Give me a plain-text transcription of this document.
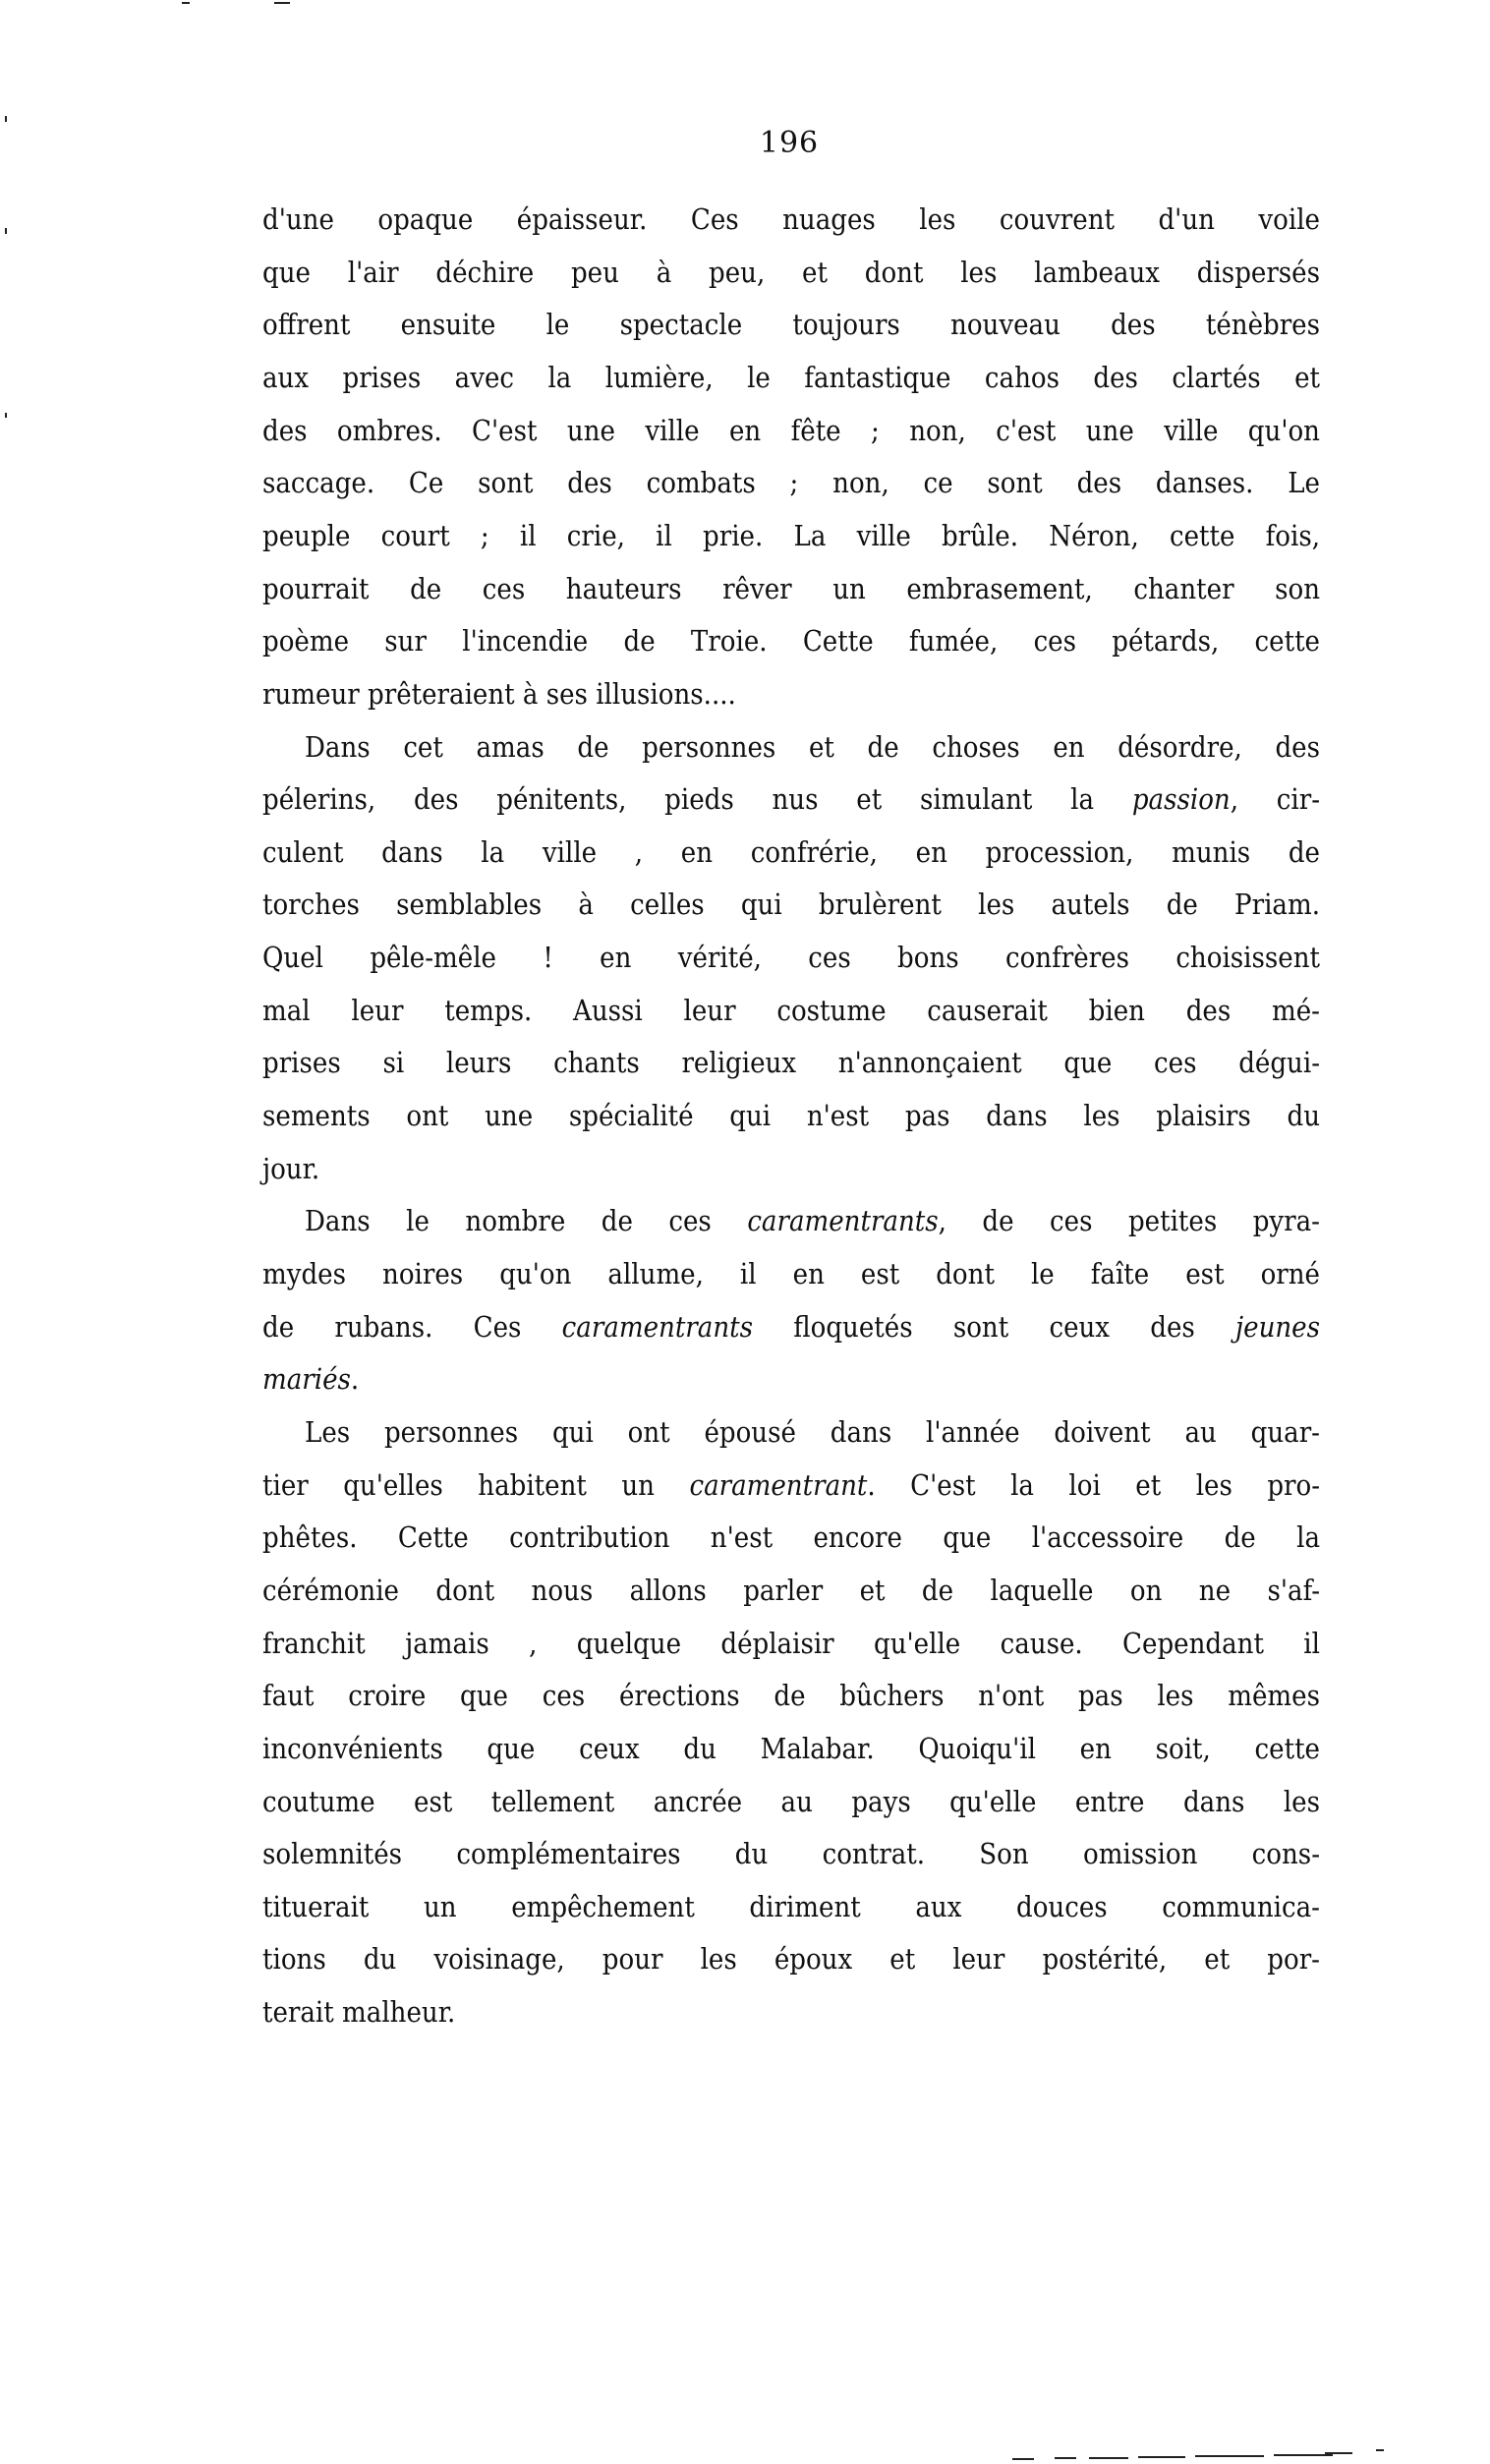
196
d'une opaque épaisseur. Ces nuages les couvrent d'un voile
que l'air déchire peu à peu, et dont les lambeaux dispersés
offrent ensuite le spectacle toujours nouveau des ténèbres
aux prises avec la lumière, le fantastique cahos des clartés et
des ombres. C'est une ville en fête ; non, c'est une ville qu'on
saccage. Ce sont des combats ; non, ce sont des danses. Le
peuple court ; il crie, il prie. La ville brûle. Néron, cette fois,
pourrait de ces hauteurs rêver un embrasement, chanter son
poème sur l'incendie de Troie. Cette fumée, ces pétards, cette
rumeur prêteraient à ses illusions....
Dans cet amas de personnes et de choses en désordre, des
pélerins, des pénitents, pieds nus et simulant la passion, cir-
culent dans la ville , en confrérie, en procession, munis de
torches semblables à celles qui brulèrent les autels de Priam.
Quel pêle-mêle ! en vérité, ces bons confrères choisissent
mal leur temps. Aussi leur costume causerait bien des mé-
prises si leurs chants religieux n'annonçaient que ces dégui-
sements ont une spécialité qui n'est pas dans les plaisirs du
jour.
Dans le nombre de ces caramentrants, de ces petites pyra-
mydes noires qu'on allume, il en est dont le faîte est orné
de rubans. Ces caramentrants floquetés sont ceux des jeunes
mariés.
Les personnes qui ont épousé dans l'année doivent au quar-
tier qu'elles habitent un caramentrant. C'est la loi et les pro-
phêtes. Cette contribution n'est encore que l'accessoire de la
cérémonie dont nous allons parler et de laquelle on ne s'af-
franchit jamais , quelque déplaisir qu'elle cause. Cependant il
faut croire que ces érections de bûchers n'ont pas les mêmes
inconvénients que ceux du Malabar. Quoiqu'il en soit, cette
coutume est tellement ancrée au pays qu'elle entre dans les
solemnités complémentaires du contrat. Son omission cons-
tituerait un empêchement diriment aux douces communica-
tions du voisinage, pour les époux et leur postérité, et por-
terait malheur.
